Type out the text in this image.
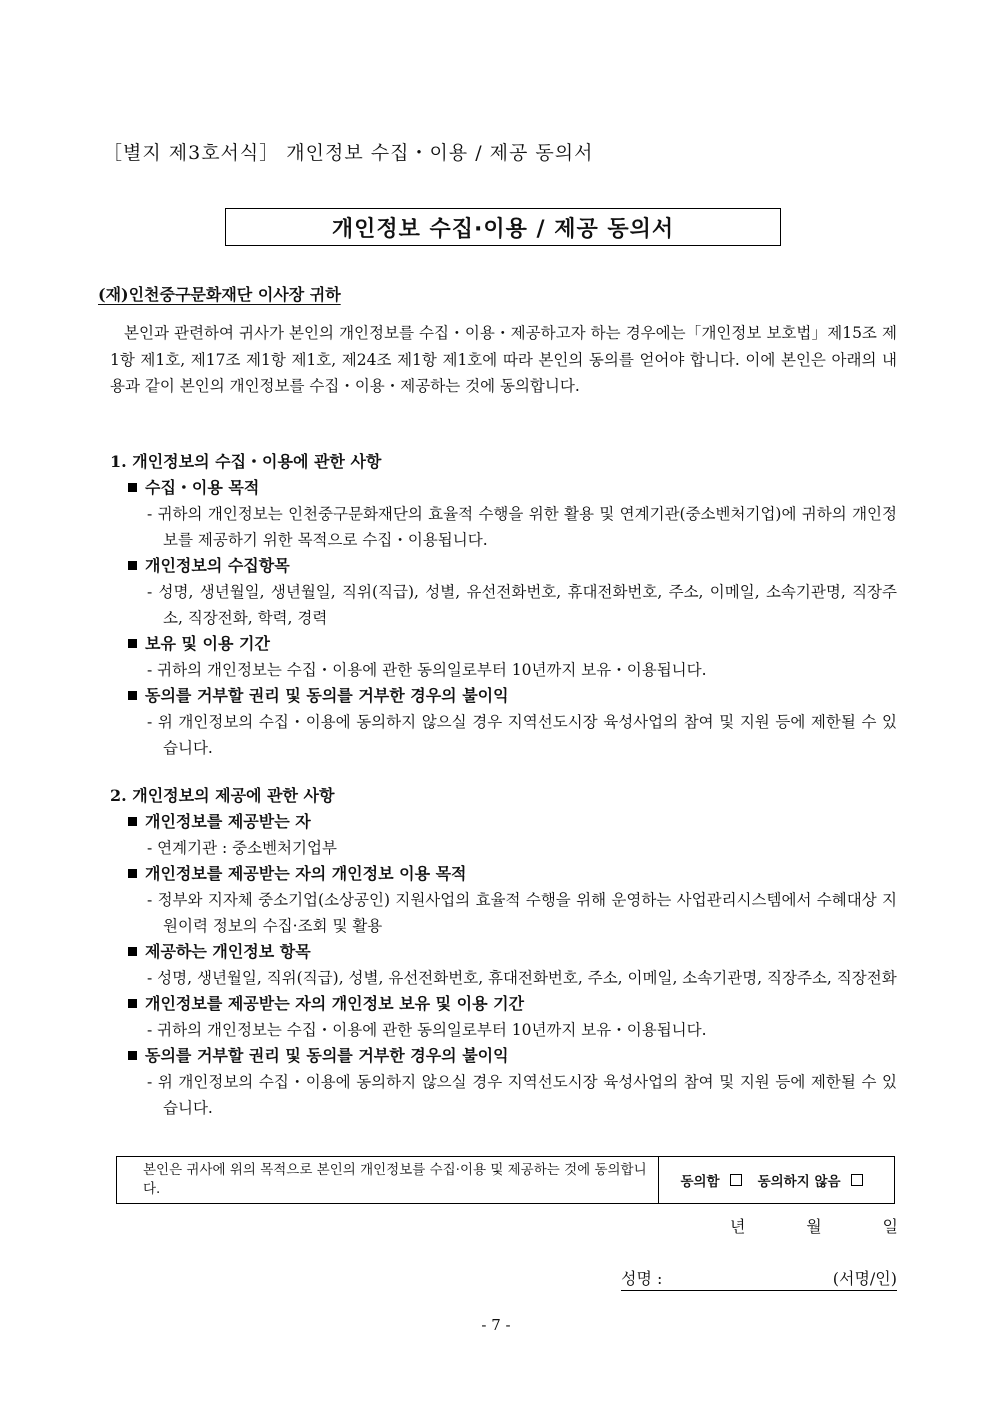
［별지 제3호서식］ 개인정보 수집・이용 / 제공 동의서
개인정보 수집·이용 / 제공 동의서
(재)인천중구문화재단 이사장 귀하

본인과 관련하여 귀사가 본인의 개인정보를 수집・이용・제공하고자 하는 경우에는「개인정보 보호법」제15조 제1항 제1호, 제17조 제1항 제1호, 제24조 제1항 제1호에 따라 본인의 동의를 얻어야 합니다. 이에 본인은 아래의 내용과 같이 본인의 개인정보를 수집・이용・제공하는 것에 동의합니다.

1. 개인정보의 수집・이용에 관한 사항
수집・이용 목적
- 귀하의 개인정보는 인천중구문화재단의 효율적 수행을 위한 활용 및 연계기관(중소벤처기업)에 귀하의 개인정보를 제공하기 위한 목적으로 수집・이용됩니다.
개인정보의 수집항목
- 성명, 생년월일, 생년월일, 직위(직급), 성별, 유선전화번호, 휴대전화번호, 주소, 이메일, 소속기관명, 직장주소, 직장전화, 학력, 경력
보유 및 이용 기간
- 귀하의 개인정보는 수집・이용에 관한 동의일로부터 10년까지 보유・이용됩니다.
동의를 거부할 권리 및 동의를 거부한 경우의 불이익
- 위 개인정보의 수집・이용에 동의하지 않으실 경우 지역선도시장 육성사업의 참여 및 지원 등에 제한될 수 있습니다.
2. 개인정보의 제공에 관한 사항
개인정보를 제공받는 자
- 연계기관 : 중소벤처기업부
개인정보를 제공받는 자의 개인정보 이용 목적
- 정부와 지자체 중소기업(소상공인) 지원사업의 효율적 수행을 위해 운영하는 사업관리시스템에서 수혜대상 지원이력 정보의 수집·조회 및 활용
제공하는 개인정보 항목
- 성명, 생년월일, 직위(직급), 성별, 유선전화번호, 휴대전화번호, 주소, 이메일, 소속기관명, 직장주소, 직장전화
개인정보를 제공받는 자의 개인정보 보유 및 이용 기간
- 귀하의 개인정보는 수집・이용에 관한 동의일로부터 10년까지 보유・이용됩니다.
동의를 거부할 권리 및 동의를 거부한 경우의 불이익
- 위 개인정보의 수집・이용에 동의하지 않으실 경우 지역선도시장 육성사업의 참여 및 지원 등에 제한될 수 있습니다.
본인은 귀사에 위의 목적으로 본인의 개인정보를 수집·이용 및 제공하는 것에 동의합니다.	동의함	동의하지 않음
년	월	일
성명 :	(서명/인)
- 7 -
